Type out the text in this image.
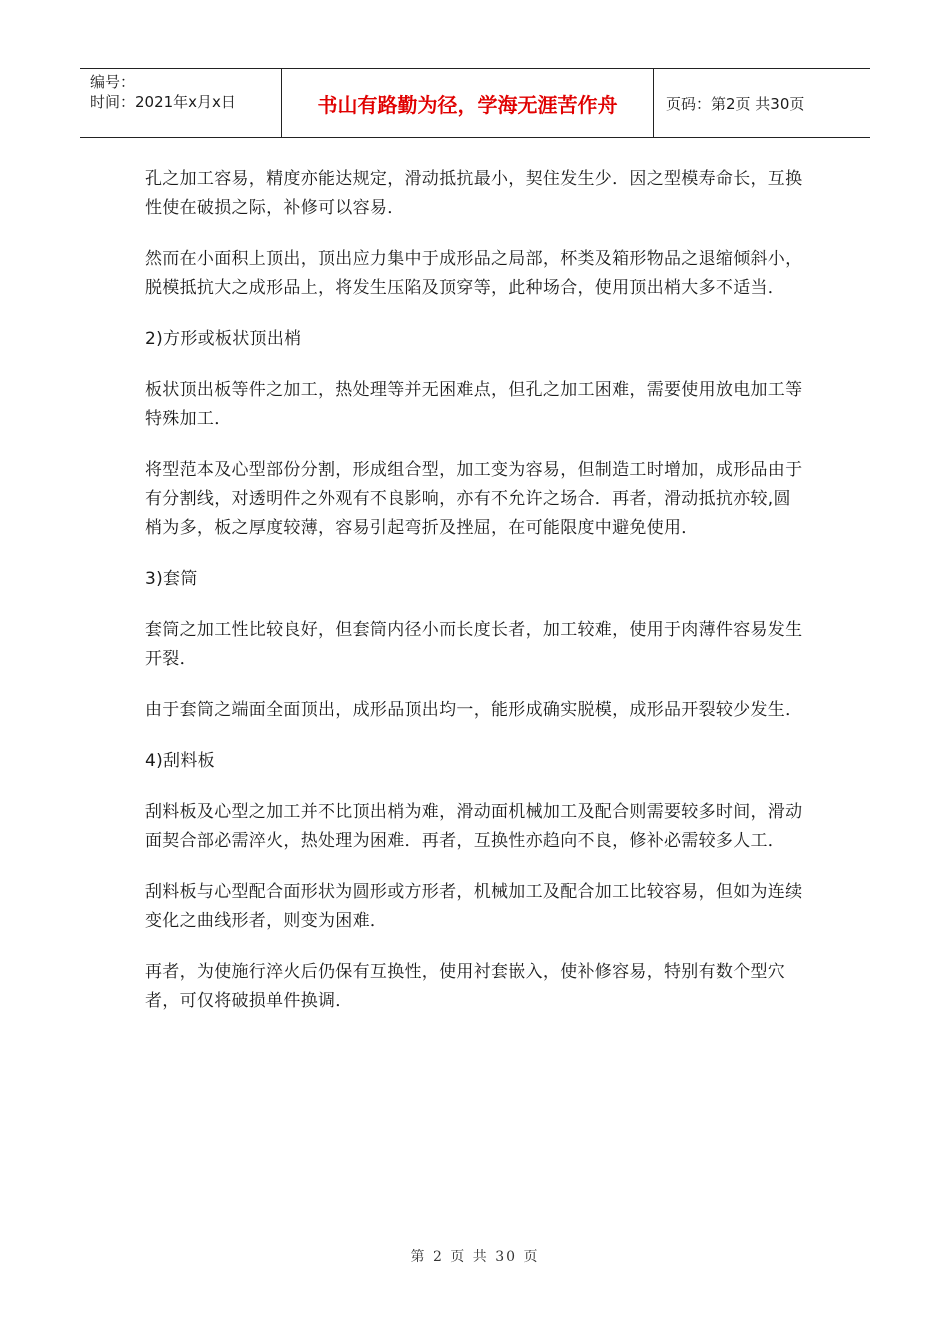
编号：
时间：2021年x月x日	书山有路勤为径，学海无涯苦作舟	页码：第2页 共30页

孔之加工容易，精度亦能达规定，滑动抵抗最小，契住发生少．因之型模寿命长，互换性使在破损之际，补修可以容易．

然而在小面积上顶出，顶出应力集中于成形品之局部，杯类及箱形物品之退缩倾斜小，脱模抵抗大之成形品上，将发生压陷及顶穿等，此种场合，使用顶出梢大多不适当．

2)方形或板状顶出梢

板状顶出板等件之加工，热处理等并无困难点，但孔之加工困难，需要使用放电加工等特殊加工．

将型范本及心型部份分割，形成组合型，加工变为容易，但制造工时增加，成形品由于有分割线，对透明件之外观有不良影响，亦有不允许之场合．再者，滑动抵抗亦较,圆梢为多，板之厚度较薄，容易引起弯折及挫屈，在可能限度中避免使用．

3)套筒

套筒之加工性比较良好，但套筒内径小而长度长者，加工较难，使用于肉薄件容易发生开裂．

由于套筒之端面全面顶出，成形品顶出均一，能形成确实脱模，成形品开裂较少发生．

4)刮料板

刮料板及心型之加工并不比顶出梢为难，滑动面机械加工及配合则需要较多时间，滑动面契合部必需淬火，热处理为困难．再者，互换性亦趋向不良，修补必需较多人工．

刮料板与心型配合面形状为圆形或方形者，机械加工及配合加工比较容易，但如为连续变化之曲线形者，则变为困难．

再者，为使施行淬火后仍保有互换性，使用衬套嵌入，使补修容易，特别有数个型穴者，可仅将破损单件换调．

第 2 页 共 30 页
